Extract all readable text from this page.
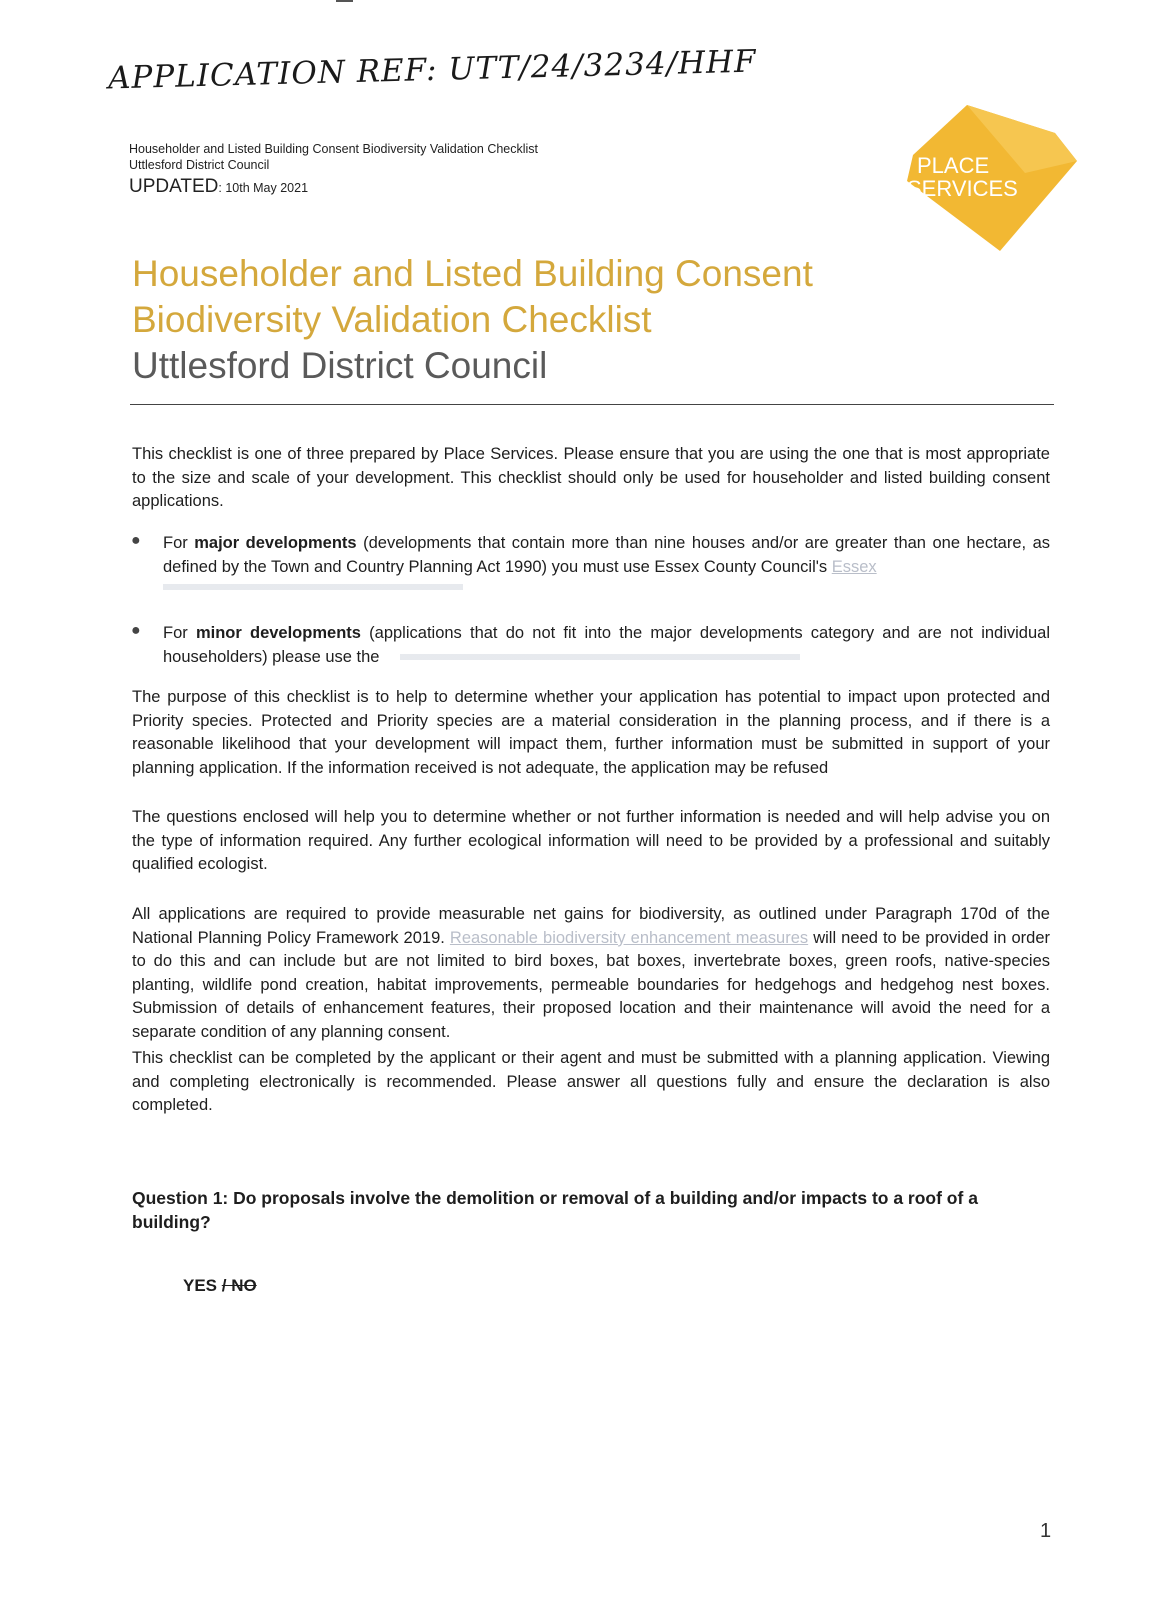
APPLICATION REF: UTT/24/3234/HHF
Householder and Listed Building Consent Biodiversity Validation Checklist
Uttlesford District Council
UPDATED: 10th May 2021
PLACE
SERVICES
Householder and Listed Building Consent
Biodiversity Validation Checklist
Uttlesford District Council
This checklist is one of three prepared by Place Services. Please ensure that you are using the one that is most appropriate to the size and scale of your development. This checklist should only be used for householder and listed building consent applications.
● For major developments (developments that contain more than nine houses and/or are greater than one hectare, as defined by the Town and Country Planning Act 1990) you must use Essex County Council's Essex
● For minor developments (applications that do not fit into the major developments category and are not individual householders) please use the
The purpose of this checklist is to help to determine whether your application has potential to impact upon protected and Priority species. Protected and Priority species are a material consideration in the planning process, and if there is a reasonable likelihood that your development will impact them, further information must be submitted in support of your planning application. If the information received is not adequate, the application may be refused
The questions enclosed will help you to determine whether or not further information is needed and will help advise you on the type of information required. Any further ecological information will need to be provided by a professional and suitably qualified ecologist.
All applications are required to provide measurable net gains for biodiversity, as outlined under Paragraph 170d of the National Planning Policy Framework 2019. Reasonable biodiversity enhancement measures will need to be provided in order to do this and can include but are not limited to bird boxes, bat boxes, invertebrate boxes, green roofs, native-species planting, wildlife pond creation, habitat improvements, permeable boundaries for hedgehogs and hedgehog nest boxes. Submission of details of enhancement features, their proposed location and their maintenance will avoid the need for a separate condition of any planning consent.
This checklist can be completed by the applicant or their agent and must be submitted with a planning application. Viewing and completing electronically is recommended. Please answer all questions fully and ensure the declaration is also completed.
Question 1: Do proposals involve the demolition or removal of a building and/or impacts to a roof of a building?
YES / NO
1
